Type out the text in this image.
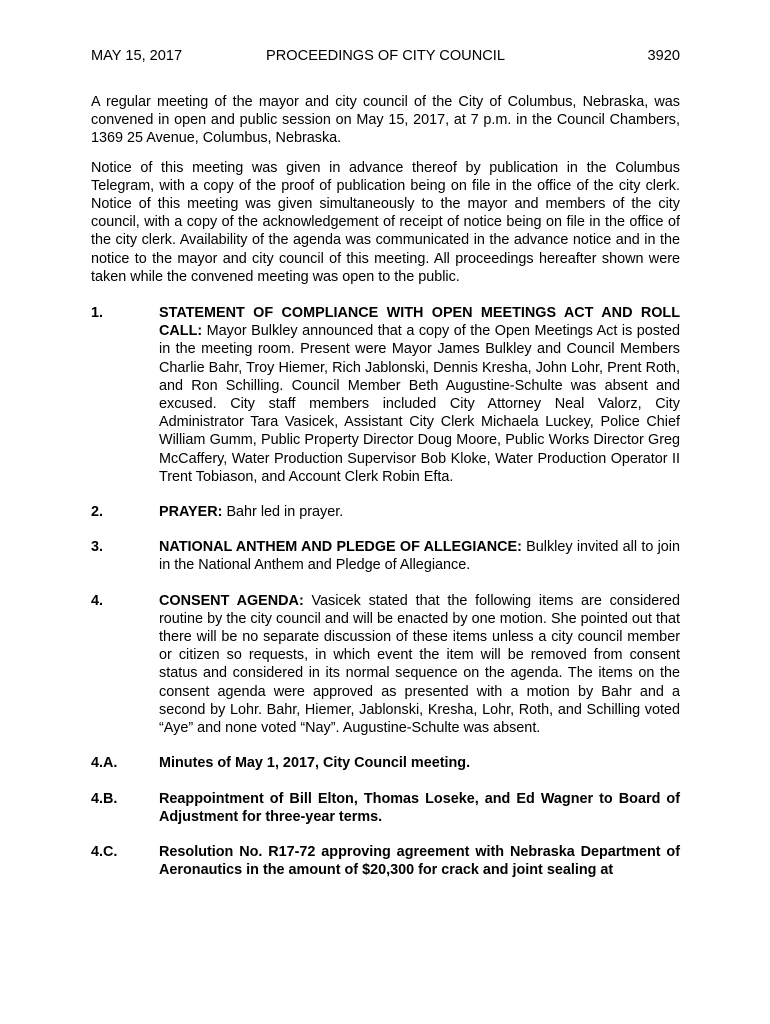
MAY 15, 2017	PROCEEDINGS OF CITY COUNCIL	3920

A regular meeting of the mayor and city council of the City of Columbus, Nebraska, was convened in open and public session on May 15, 2017, at 7 p.m. in the Council Chambers, 1369 25 Avenue, Columbus, Nebraska.

Notice of this meeting was given in advance thereof by publication in the Columbus Telegram, with a copy of the proof of publication being on file in the office of the city clerk. Notice of this meeting was given simultaneously to the mayor and members of the city council, with a copy of the acknowledgement of receipt of notice being on file in the office of the city clerk. Availability of the agenda was communicated in the advance notice and in the notice to the mayor and city council of this meeting. All proceedings hereafter shown were taken while the convened meeting was open to the public.

1.	STATEMENT OF COMPLIANCE WITH OPEN MEETINGS ACT AND ROLL CALL: Mayor Bulkley announced that a copy of the Open Meetings Act is posted in the meeting room. Present were Mayor James Bulkley and Council Members Charlie Bahr, Troy Hiemer, Rich Jablonski, Dennis Kresha, John Lohr, Prent Roth, and Ron Schilling. Council Member Beth Augustine-Schulte was absent and excused. City staff members included City Attorney Neal Valorz, City Administrator Tara Vasicek, Assistant City Clerk Michaela Luckey, Police Chief William Gumm, Public Property Director Doug Moore, Public Works Director Greg McCaffery, Water Production Supervisor Bob Kloke, Water Production Operator II Trent Tobiason, and Account Clerk Robin Efta.
2.	PRAYER: Bahr led in prayer.
3.	NATIONAL ANTHEM AND PLEDGE OF ALLEGIANCE: Bulkley invited all to join in the National Anthem and Pledge of Allegiance.
4.	CONSENT AGENDA: Vasicek stated that the following items are considered routine by the city council and will be enacted by one motion. She pointed out that there will be no separate discussion of these items unless a city council member or citizen so requests, in which event the item will be removed from consent status and considered in its normal sequence on the agenda. The items on the consent agenda were approved as presented with a motion by Bahr and a second by Lohr. Bahr, Hiemer, Jablonski, Kresha, Lohr, Roth, and Schilling voted “Aye” and none voted “Nay”. Augustine-Schulte was absent.
4.A.	Minutes of May 1, 2017, City Council meeting.
4.B.	Reappointment of Bill Elton, Thomas Loseke, and Ed Wagner to Board of Adjustment for three-year terms.
4.C.	Resolution No. R17-72 approving agreement with Nebraska Department of Aeronautics in the amount of $20,300 for crack and joint sealing at
